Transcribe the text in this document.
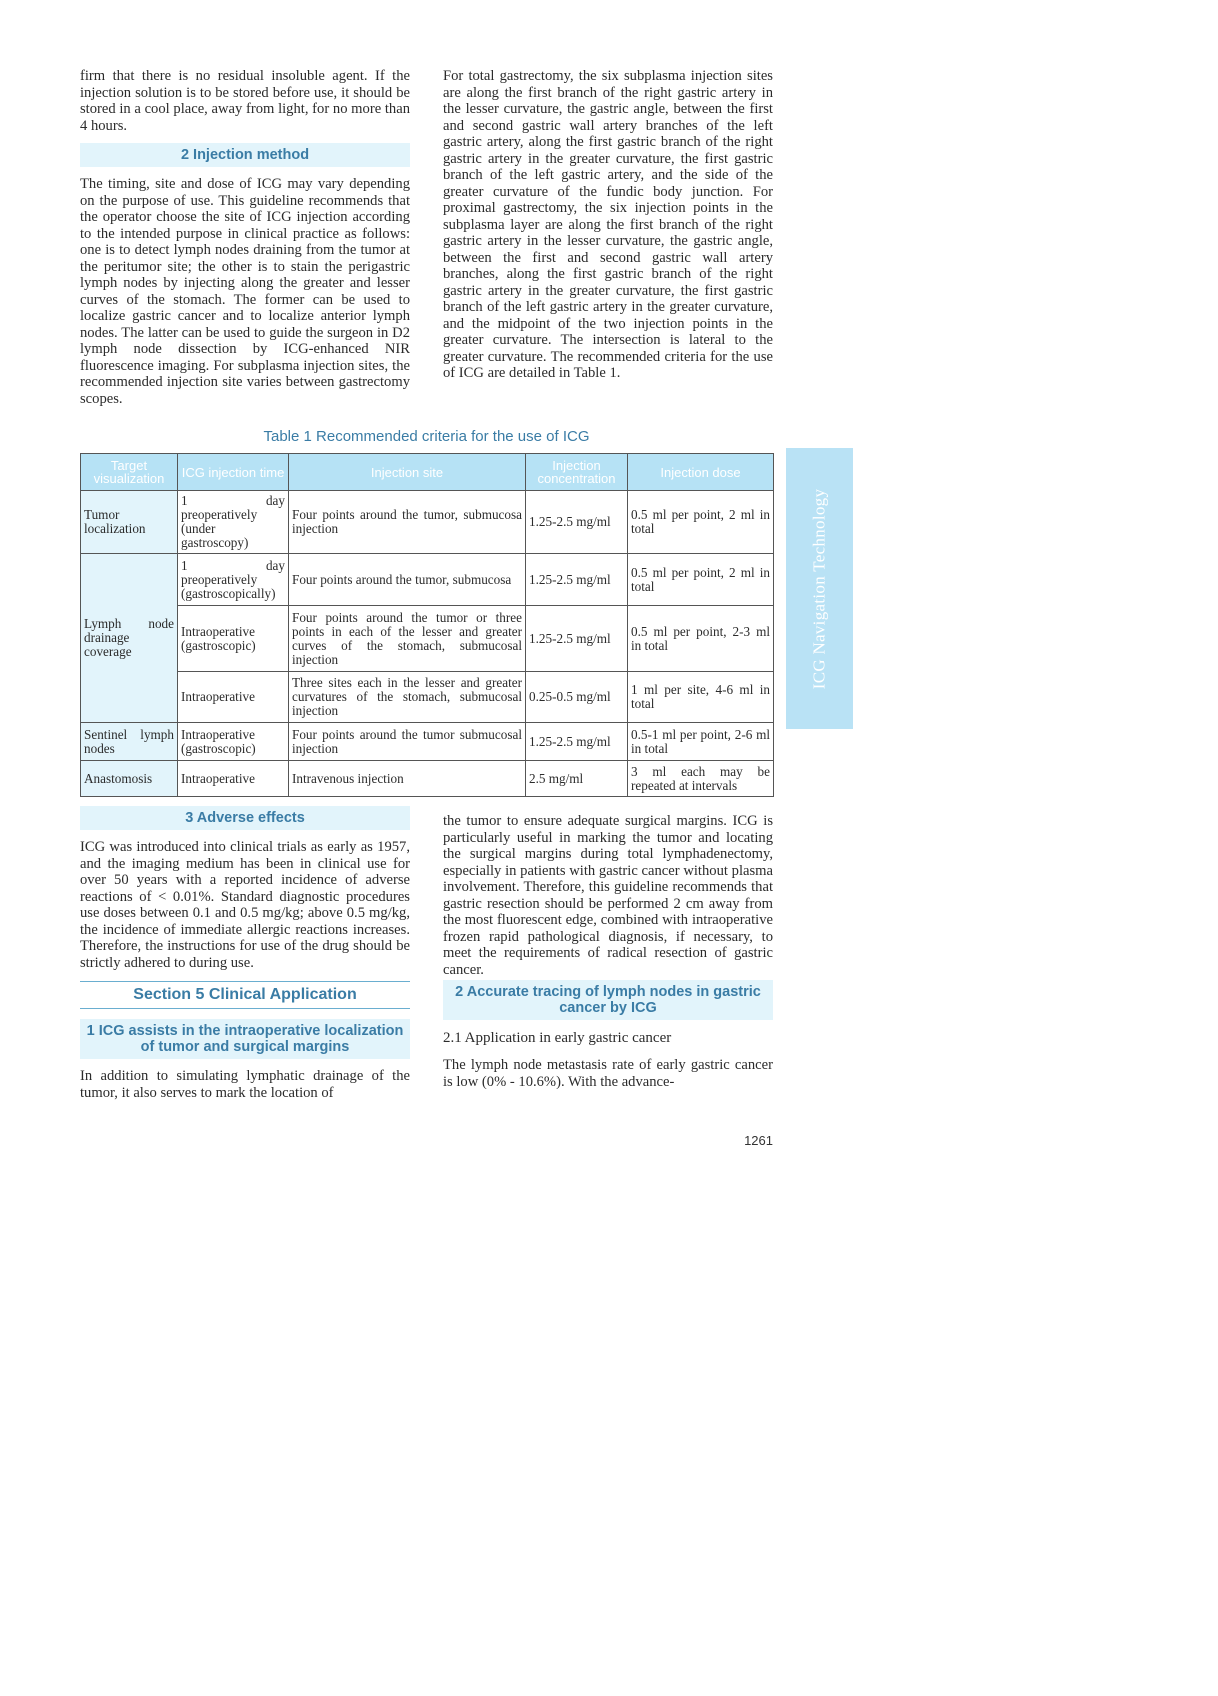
firm that there is no residual insoluble agent. If the injection solution is to be stored before use, it should be stored in a cool place, away from light, for no more than 4 hours.

2 Injection method

The timing, site and dose of ICG may vary depending on the purpose of use. This guideline recommends that the operator choose the site of ICG injection according to the intended purpose in clinical practice as follows: one is to detect lymph nodes draining from the tumor at the peritumor site; the other is to stain the perigastric lymph nodes by injecting along the greater and lesser curves of the stomach. The former can be used to localize gastric cancer and to localize anterior lymph nodes. The latter can be used to guide the surgeon in D2 lymph node dissection by ICG-enhanced NIR fluorescence imaging. For subplasma injection sites, the recommended injection site varies between gastrectomy scopes.

For total gastrectomy, the six subplasma injection sites are along the first branch of the right gastric artery in the lesser curvature, the gastric angle, between the first and second gastric wall artery branches of the left gastric artery, along the first gastric branch of the right gastric artery in the greater curvature, the first gastric branch of the left gastric artery, and the side of the greater curvature of the fundic body junction. For proximal gastrectomy, the six injection points in the subplasma layer are along the first branch of the right gastric artery in the lesser curvature, the gastric angle, between the first and second gastric wall artery branches, along the first gastric branch of the right gastric artery in the greater curvature, the first gastric branch of the left gastric artery in the greater curvature, and the midpoint of the two injection points in the greater curvature. The intersection is lateral to the greater curvature. The recommended criteria for the use of ICG are detailed in Table 1.

Table 1 Recommended criteria for the use of ICG
Target visualization	ICG injection time	Injection site	Injection concentration	Injection dose
Tumor localization	1 day preoperatively (under gastroscopy)	Four points around the tumor, submucosa injection	1.25-2.5 mg/ml	0.5 ml per point, 2 ml in total
Lymph node drainage coverage	1 day preoperatively (gastroscopically)	Four points around the tumor, submucosa	1.25-2.5 mg/ml	0.5 ml per point, 2 ml in total
	Intraoperative (gastroscopic)	Four points around the tumor or three points in each of the lesser and greater curves of the stomach, submucosal injection	1.25-2.5 mg/ml	0.5 ml per point, 2-3 ml in total
	Intraoperative	Three sites each in the lesser and greater curvatures of the stomach, submucosal injection	0.25-0.5 mg/ml	1 ml per site, 4-6 ml in total
Sentinel lymph nodes	Intraoperative (gastroscopic)	Four points around the tumor submucosal injection	1.25-2.5 mg/ml	0.5-1 ml per point, 2-6 ml in total
Anastomosis	Intraoperative	Intravenous injection	2.5 mg/ml	3 ml each may be repeated at intervals
ICG Navigation Technology
3 Adverse effects

ICG was introduced into clinical trials as early as 1957, and the imaging medium has been in clinical use for over 50 years with a reported incidence of adverse reactions of < 0.01%. Standard diagnostic procedures use doses between 0.1 and 0.5 mg/kg; above 0.5 mg/kg, the incidence of immediate allergic reactions increases. Therefore, the instructions for use of the drug should be strictly adhered to during use.

Section 5 Clinical Application
1 ICG assists in the intraoperative localization of tumor and surgical margins

In addition to simulating lymphatic drainage of the tumor, it also serves to mark the location of

the tumor to ensure adequate surgical margins. ICG is particularly useful in marking the tumor and locating the surgical margins during total lymphadenectomy, especially in patients with gastric cancer without plasma involvement. Therefore, this guideline recommends that gastric resection should be performed 2 cm away from the most fluorescent edge, combined with intraoperative frozen rapid pathological diagnosis, if necessary, to meet the requirements of radical resection of gastric cancer.

2 Accurate tracing of lymph nodes in gastric cancer by ICG
2.1 Application in early gastric cancer

The lymph node metastasis rate of early gastric cancer is low (0% - 10.6%). With the advance-

1261
